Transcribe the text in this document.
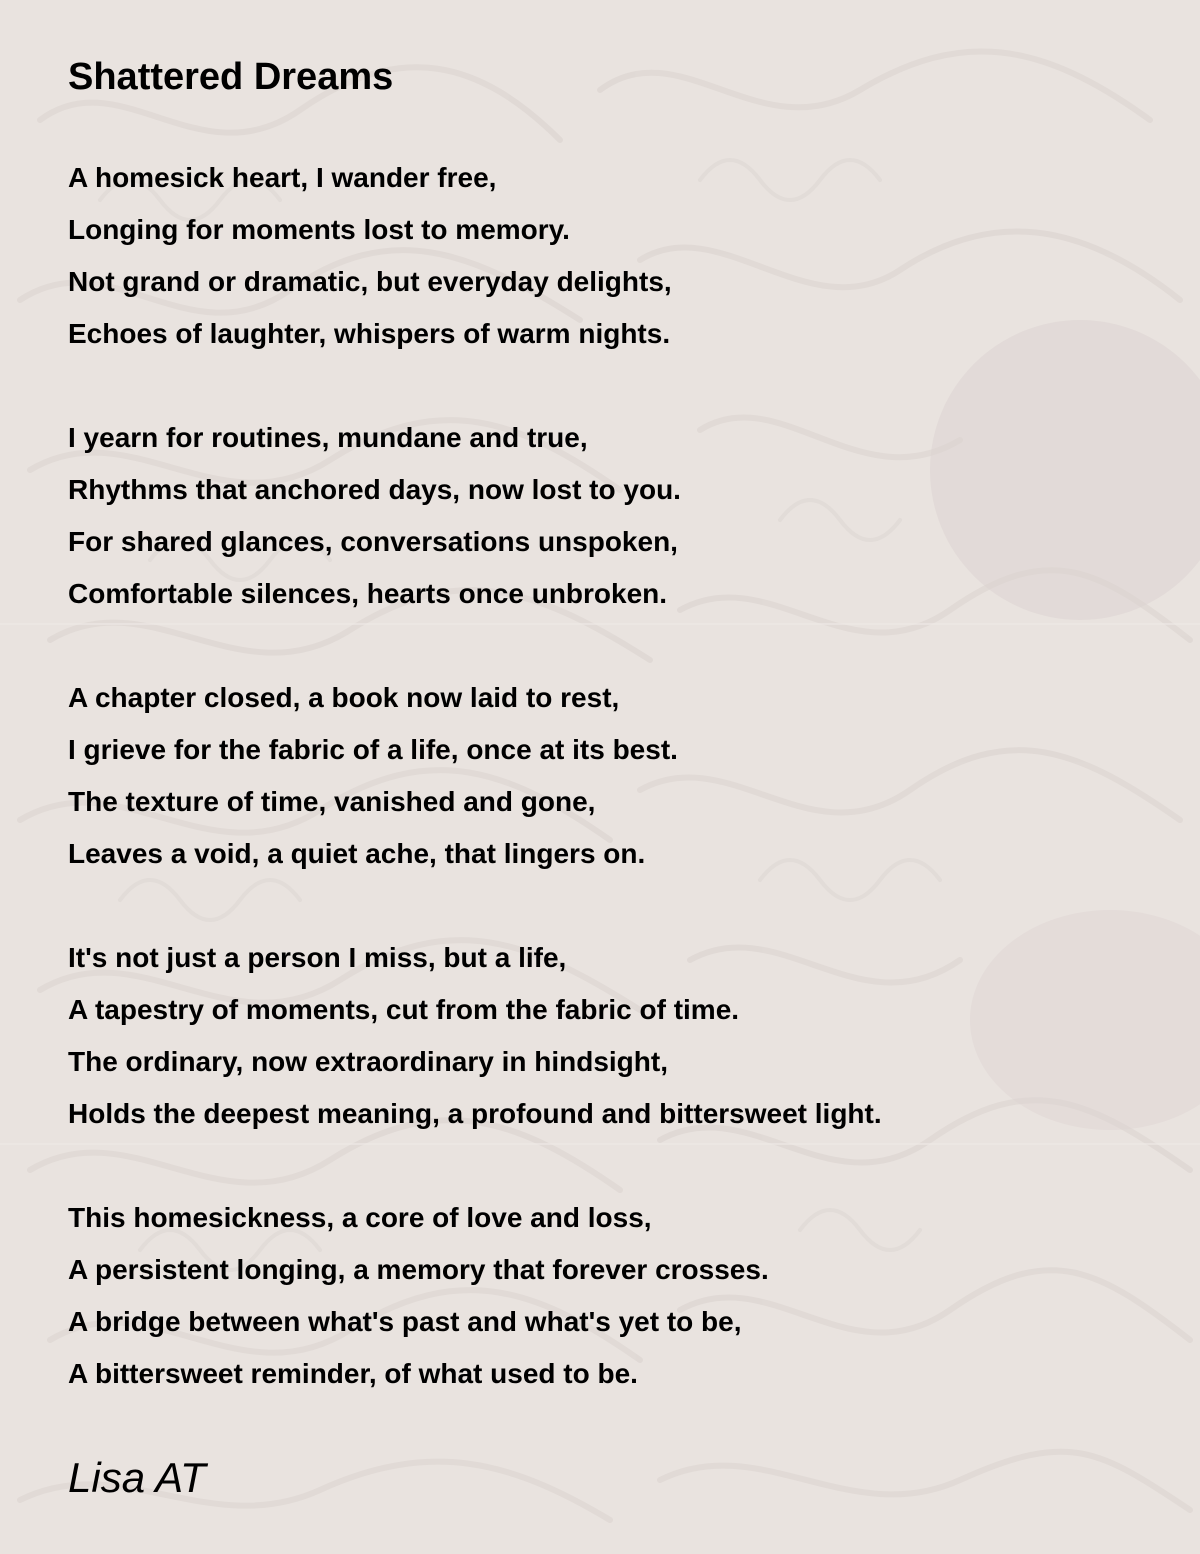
Shattered Dreams
A homesick heart, I wander free,
Longing for moments lost to memory.
Not grand or dramatic, but everyday delights,
Echoes of laughter, whispers of warm nights.
I yearn for routines, mundane and true,
Rhythms that anchored days, now lost to you.
For shared glances, conversations unspoken,
Comfortable silences, hearts once unbroken.
A chapter closed, a book now laid to rest,
I grieve for the fabric of a life, once at its best.
The texture of time, vanished and gone,
Leaves a void, a quiet ache, that lingers on.
It's not just a person I miss, but a life,
A tapestry of moments, cut from the fabric of time.
The ordinary, now extraordinary in hindsight,
Holds the deepest meaning, a profound and bittersweet light.
This homesickness, a core of love and loss,
A persistent longing, a memory that forever crosses.
A bridge between what's past and what's yet to be,
A bittersweet reminder, of what used to be.

Lisa AT
